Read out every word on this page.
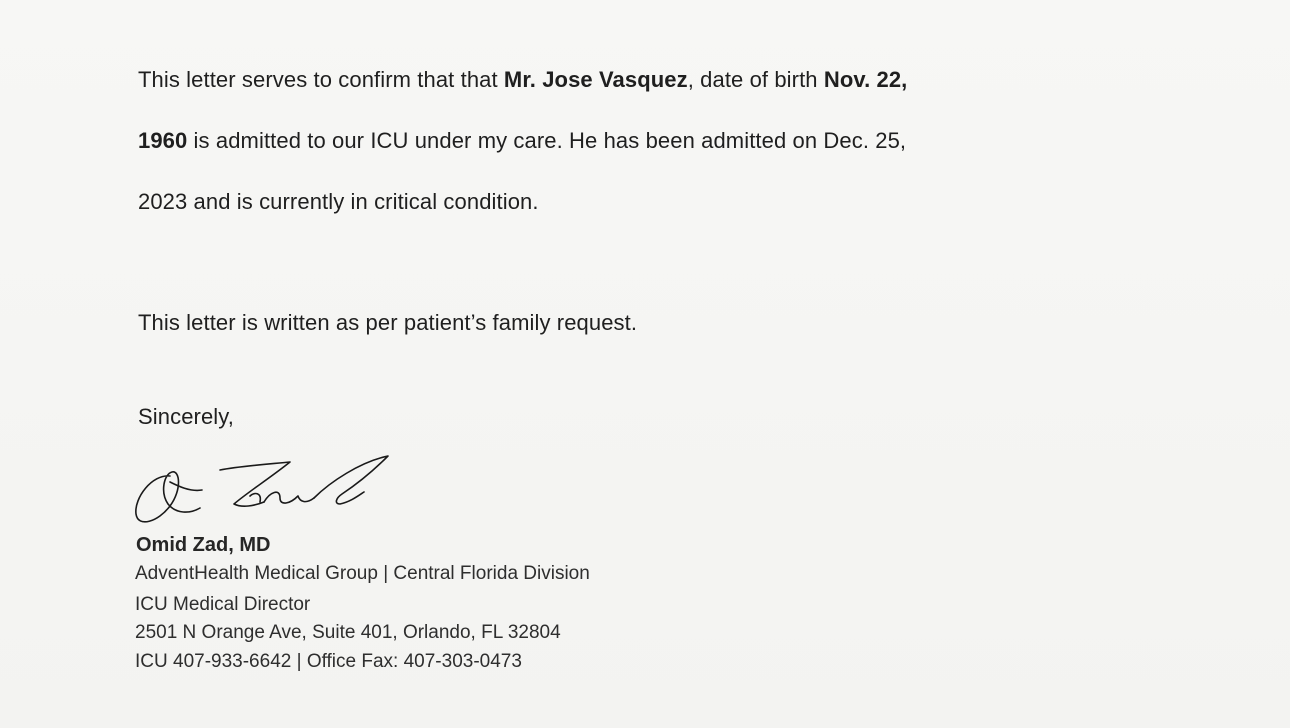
This letter serves to confirm that that Mr. Jose Vasquez, date of birth Nov. 22,
1960 is admitted to our ICU under my care. He has been admitted on Dec. 25,
2023 and is currently in critical condition.
This letter is written as per patient’s family request.
Sincerely,
Omid Zad, MD
AdventHealth Medical Group | Central Florida Division
ICU Medical Director
2501 N Orange Ave, Suite 401, Orlando, FL 32804
ICU 407-933-6642 | Office Fax: 407-303-0473
